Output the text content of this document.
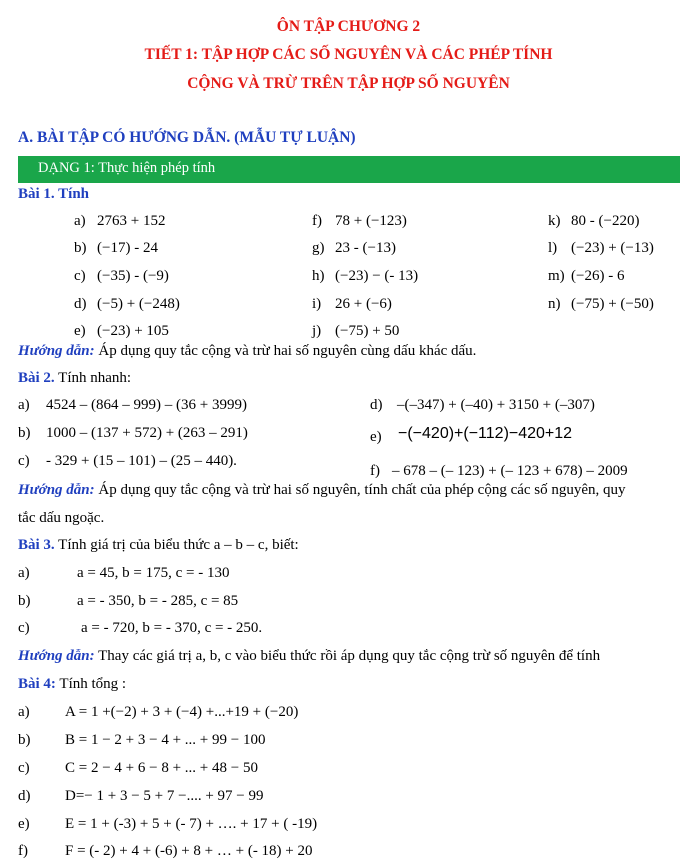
ÔN TẬP CHƯƠNG 2
TIẾT 1: TẬP HỢP CÁC SỐ NGUYÊN VÀ CÁC PHÉP TÍNH
CỘNG VÀ TRỪ TRÊN TẬP HỢP SỐ NGUYÊN
A. BÀI TẬP CÓ HƯỚNG DẪN. (MẪU TỰ LUẬN)
DẠNG 1: Thực hiện phép tính
Bài 1. Tính
a) 2763 + 152	f) 78 + (−123)	k) 80 - (−220)
b) (−17) - 24	g) 23 - (−13)	l) (−23) + (−13)
c) (−35) - (−9)	h) (−23) − (- 13)	m) (−26) - 6
d) (−5) + (−248)	i) 26 + (−6)	n) (−75) + (−50)
e) (−23) + 105	j) (−75) + 50
Hướng dẫn: Áp dụng quy tắc cộng và trừ hai số nguyên cùng dấu khác dấu.
Bài 2. Tính nhanh:
a) 4524 – (864 – 999) – (36 + 3999)	d) –(–347) + (–40) + 3150 + (–307)
b) 1000 – (137 + 572) + (263 – 291)	e) −(−420)+(−112)−420+12
c) - 329 + (15 – 101) – (25 – 440).
f) – 678 – (– 123) + (– 123 + 678) – 2009
Hướng dẫn: Áp dụng quy tắc cộng và trừ hai số nguyên, tính chất của phép cộng các số nguyên, quy
tắc dấu ngoặc.
Bài 3. Tính giá trị của biểu thức a – b – c, biết:
a)	a = 45, b = 175, c = - 130
b)	a = - 350, b = - 285, c = 85
c)	a = - 720, b = - 370, c = - 250.
Hướng dẫn: Thay các giá trị a, b, c vào biểu thức rồi áp dụng quy tắc cộng trừ số nguyên để tính
Bài 4: Tính tổng :
a) A = 1 +(−2) + 3 + (−4) +...+19 + (−20)
b) B = 1 − 2 + 3 − 4 + ... + 99 − 100
c) C = 2 − 4 + 6 − 8 + ... + 48 − 50
d) D=− 1 + 3 − 5 + 7 −.... + 97 − 99
e) E = 1 + (-3) + 5 + (- 7) + …. + 17 + ( -19)
f) F = (- 2) + 4 + (-6) + 8 + … + (- 18) + 20
